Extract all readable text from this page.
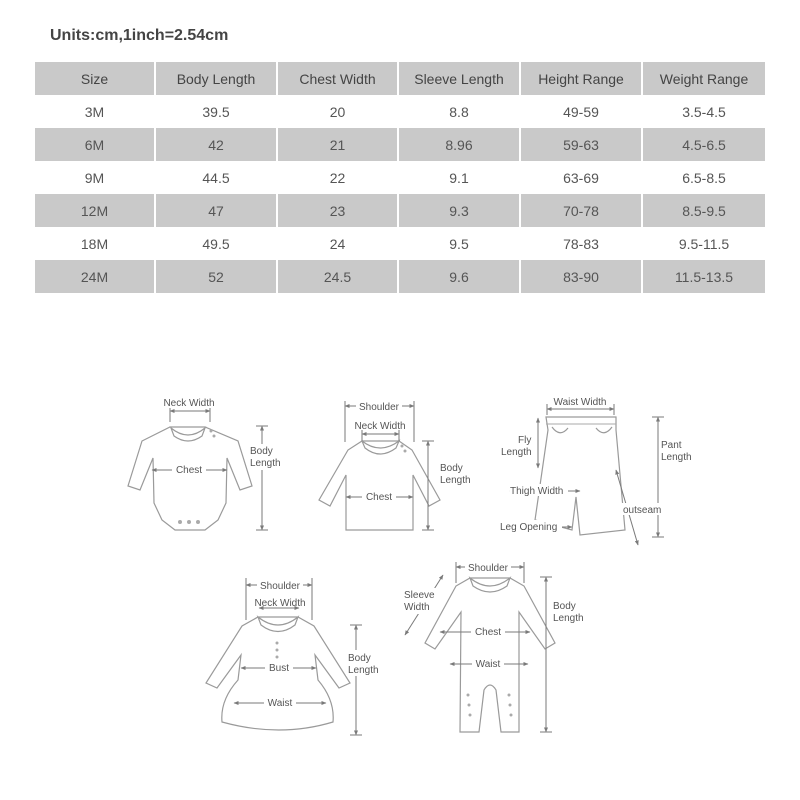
Units:cm,1inch=2.54cm
Size	Body Length	Chest Width	Sleeve Length	Height Range	Weight Range
3M	39.5	20	8.8	49-59	3.5-4.5
6M	42	21	8.96	59-63	4.5-6.5
9M	44.5	22	9.1	63-69	6.5-8.5
12M	47	23	9.3	70-78	8.5-9.5
18M	49.5	24	9.5	78-83	9.5-11.5
24M	52	24.5	9.6	83-90	11.5-13.5
Neck Width
Chest
Body
Length
Shoulder
Neck Width
Chest
Body
Length
Waist Width
Fly
Length
Pant
Length
Thigh Width
outseam
Leg Opening
Shoulder
Neck Width
Bust
Waist
Body
Length
Shoulder
Sleeve
Width
Chest
Waist
Body
Length
